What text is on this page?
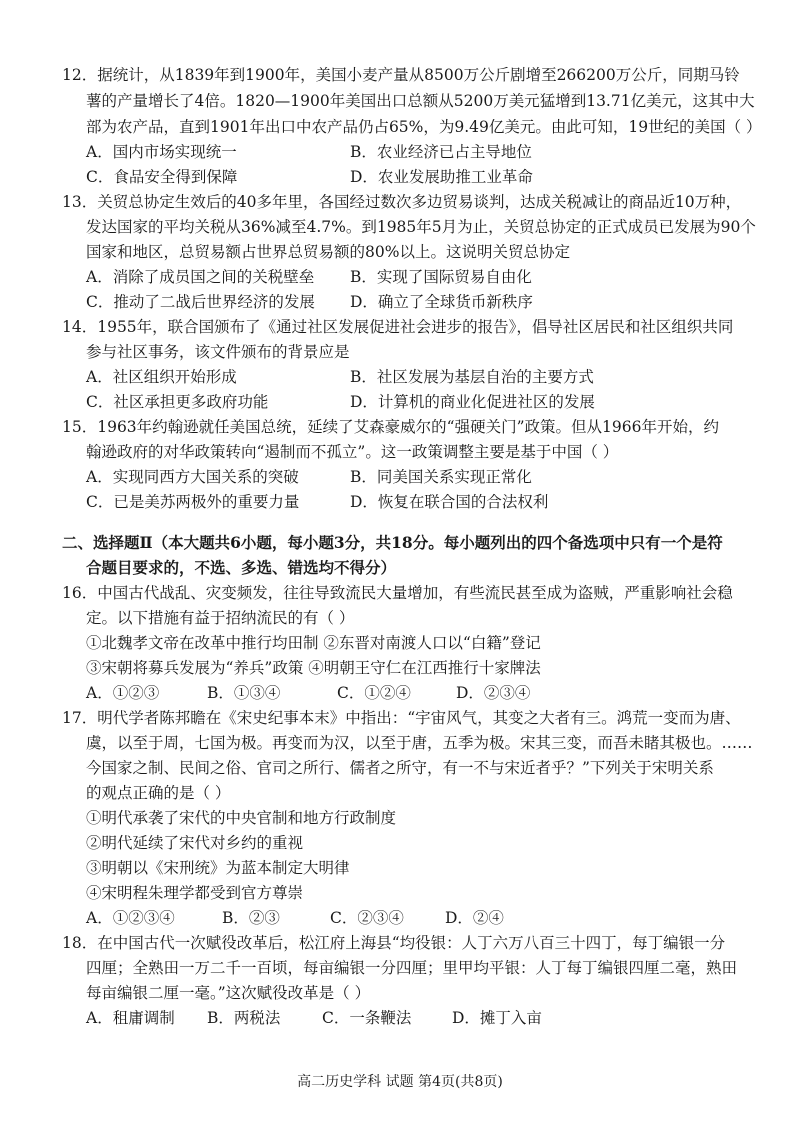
12．据统计，从1839年到1900年，美国小麦产量从8500万公斤剧增至266200万公斤，同期马铃
薯的产量增长了4倍。1820—1900年美国出口总额从5200万美元猛增到13.71亿美元，这其中大
部为农产品，直到1901年出口中农产品仍占65%，为9.49亿美元。由此可知，19世纪的美国（ ）
A．国内市场实现统一	B．农业经济已占主导地位
C．食品安全得到保障	D．农业发展助推工业革命
13．关贸总协定生效后的40多年里，各国经过数次多边贸易谈判，达成关税减让的商品近10万种，
发达国家的平均关税从36%减至4.7%。到1985年5月为止，关贸总协定的正式成员已发展为90个
国家和地区，总贸易额占世界总贸易额的80%以上。这说明关贸总协定
A．消除了成员国之间的关税壁垒 B．实现了国际贸易自由化
C．推动了二战后世界经济的发展 D．确立了全球货币新秩序
14．1955年，联合国颁布了《通过社区发展促进社会进步的报告》，倡导社区居民和社区组织共同
参与社区事务，该文件颁布的背景应是
A．社区组织开始形成	B．社区发展为基层自治的主要方式
C．社区承担更多政府功能	D．计算机的商业化促进社区的发展
15．1963年约翰逊就任美国总统，延续了艾森豪威尔的“强硬关门”政策。但从1966年开始，约
翰逊政府的对华政策转向“遏制而不孤立”。这一政策调整主要是基于中国（ ）
A．实现同西方大国关系的突破	B．同美国关系实现正常化
C．已是美苏两极外的重要力量	D．恢复在联合国的合法权利
二、选择题Ⅱ（本大题共6小题，每小题3分，共18分。每小题列出的四个备选项中只有一个是符
合题目要求的，不选、多选、错选均不得分）
16．中国古代战乱、灾变频发，往往导致流民大量增加，有些流民甚至成为盗贼，严重影响社会稳
定。以下措施有益于招纳流民的有（ ）
①北魏孝文帝在改革中推行均田制 ②东晋对南渡人口以“白籍”登记
③宋朝将募兵发展为“养兵”政策 ④明朝王守仁在江西推行十家牌法
A．①②③	B．①③④	C．①②④	D．②③④
17．明代学者陈邦瞻在《宋史纪事本末》中指出：“宇宙风气，其变之大者有三。鸿荒一变而为唐、
虞，以至于周，七国为极。再变而为汉，以至于唐，五季为极。宋其三变，而吾未睹其极也。……
今国家之制、民间之俗、官司之所行、儒者之所守，有一不与宋近者乎？”下列关于宋明关系
的观点正确的是（ ）
①明代承袭了宋代的中央官制和地方行政制度
②明代延续了宋代对乡约的重视
③明朝以《宋刑统》为蓝本制定大明律
④宋明程朱理学都受到官方尊崇
A．①②③④	B．②③	C．②③④	D．②④
18．在中国古代一次赋役改革后，松江府上海县“均役银：人丁六万八百三十四丁，每丁编银一分
四厘；全熟田一万二千一百顷，每亩编银一分四厘；里甲均平银：人丁每丁编银四厘二毫，熟田
每亩编银二厘一毫。”这次赋役改革是（ ）
A．租庸调制 B．两税法	C．一条鞭法	D．摊丁入亩
高二历史学科 试题 第4页(共8页)
